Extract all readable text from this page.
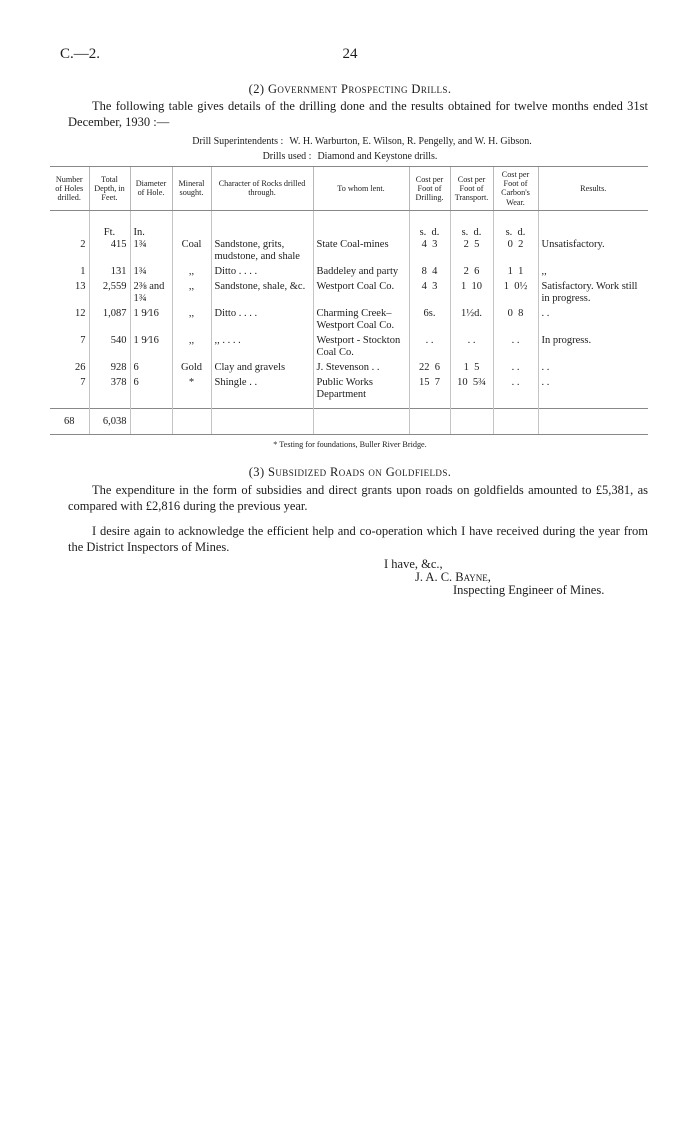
C.—2.	24
(2) Government Prospecting Drills.
The following table gives details of the drilling done and the results obtained for twelve months ended 31st December, 1930 :—
Drill Superintendents : W. H. Warburton, E. Wilson, R. Pengelly, and W. H. Gibson.
Drills used : Diamond and Keystone drills.
Number of Holes drilled.	Total Depth, in Feet.	Diameter of Hole.	Mineral sought.	Character of Rocks drilled through.	To whom lent.	Cost per Foot of Drilling.	Cost per Foot of Transport.	Cost per Foot of Carbon's Wear.	Results.
	Ft.	In.				s.  d.	s.  d.	s.  d.	
2	415	1¾	Coal	Sandstone, grits, mudstone, and shale	State Coal-mines	4  3	2  5	0  2	Unsatisfactory.
1	131	1¾	,,	Ditto . . . .	Baddeley and party	8  4	2  6	1  1	,,
13	2,559	2⅜ and 1¾	,,	Sandstone, shale, &c.	Westport Coal Co.	4  3	1  10	1  0½	Satisfactory. Work still in progress.
12	1,087	1 9⁄16	,,	Ditto . . . .	Charming Creek–Westport Coal Co.	6s.	1½d.	0  8	. .
7	540	1 9⁄16	,,	,, . . . .	Westport - Stockton Coal Co.	. .	. .	. .	In progress.
26	928	6	Gold	Clay and gravels	J. Stevenson . .	22  6	1  5	. .	. .
7	378	6	*	Shingle . .	Public Works Department	15  7	10  5¾	. .	. .

68	6,038								
* Testing for foundations, Buller River Bridge.
(3) Subsidized Roads on Goldfields.
The expenditure in the form of subsidies and direct grants upon roads on goldfields amounted to £5,381, as compared with £2,816 during the previous year.
I desire again to acknowledge the efficient help and co-operation which I have received during the year from the District Inspectors of Mines.
I have, &c.,
J. A. C. Bayne,
Inspecting Engineer of Mines.
